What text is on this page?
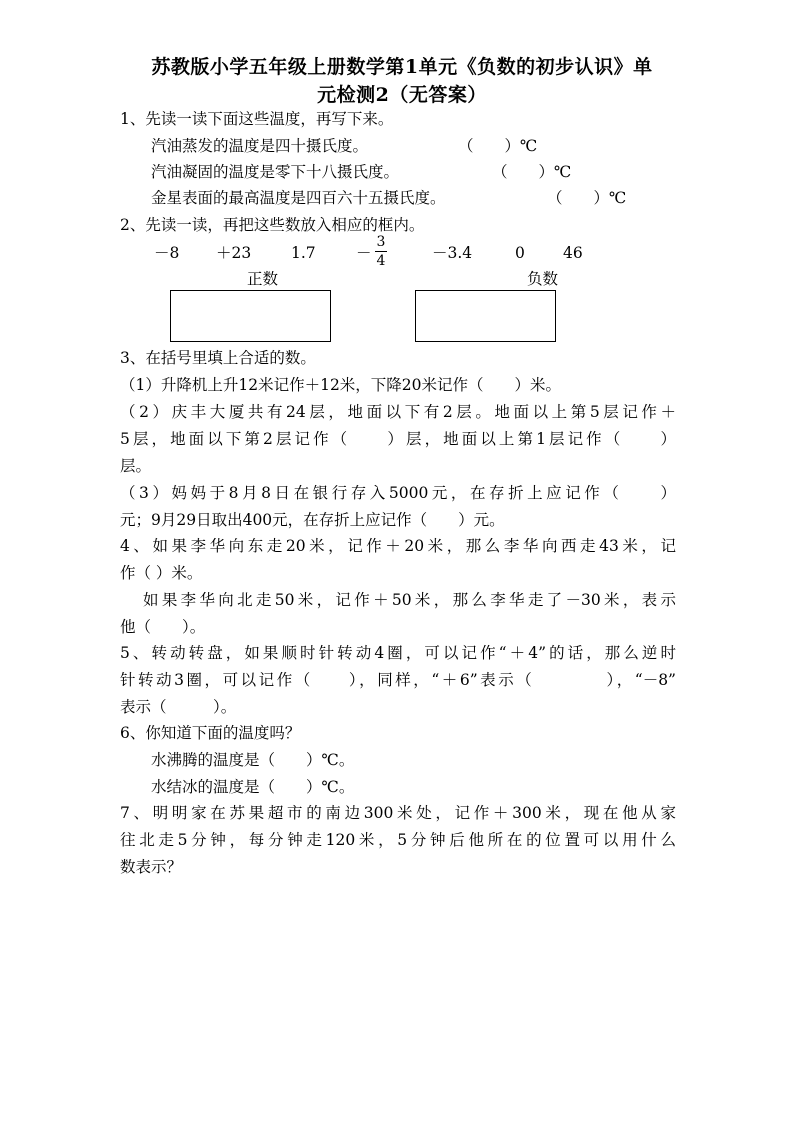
苏教版小学五年级上册数学第1单元《负数的初步认识》单
元检测2（无答案）
1、先读一读下面这些温度，再写下来。
汽油蒸发的温度是四十摄氏度。	（　　）℃
汽油凝固的温度是零下十八摄氏度。	（　　）℃
金星表面的最高温度是四百六十五摄氏度。	（　　）℃
2、先读一读，再把这些数放入相应的框内。
－8 ＋23	1.7	－
3
4	－3.4	0 46
正数	负数
3、在括号里填上合适的数。
（1）升降机上升12米记作＋12米，下降20米记作（　　）米。
（2）庆丰大厦共有24层，地面以下有2层。地面以上第5层记作＋
5层，地面以下第2层记作（　　）层，地面以上第1层记作（　　）
层。
（3）妈妈于8月8日在银行存入5000元，在存折上应记作（　　）
元；9月29日取出400元，在存折上应记作（　　）元。
4、如果李华向东走20米，记作＋20米，那么李华向西走43米，记
作（ ）米。
如果李华向北走50米，记作＋50米，那么李华走了－30米，表示
他（　　）。
5、转动转盘，如果顺时针转动4圈，可以记作“＋4”的话，那么逆时
针转动3圈，可以记作（　　），同样，“＋6”表示（　　　　），“－8”
表示（　　　）。
6、你知道下面的温度吗？
水沸腾的温度是（　　）℃。
水结冰的温度是（　　）℃。
7、明明家在苏果超市的南边300米处，记作＋300米，现在他从家
往北走5分钟，每分钟走120米，5分钟后他所在的位置可以用什么
数表示？
